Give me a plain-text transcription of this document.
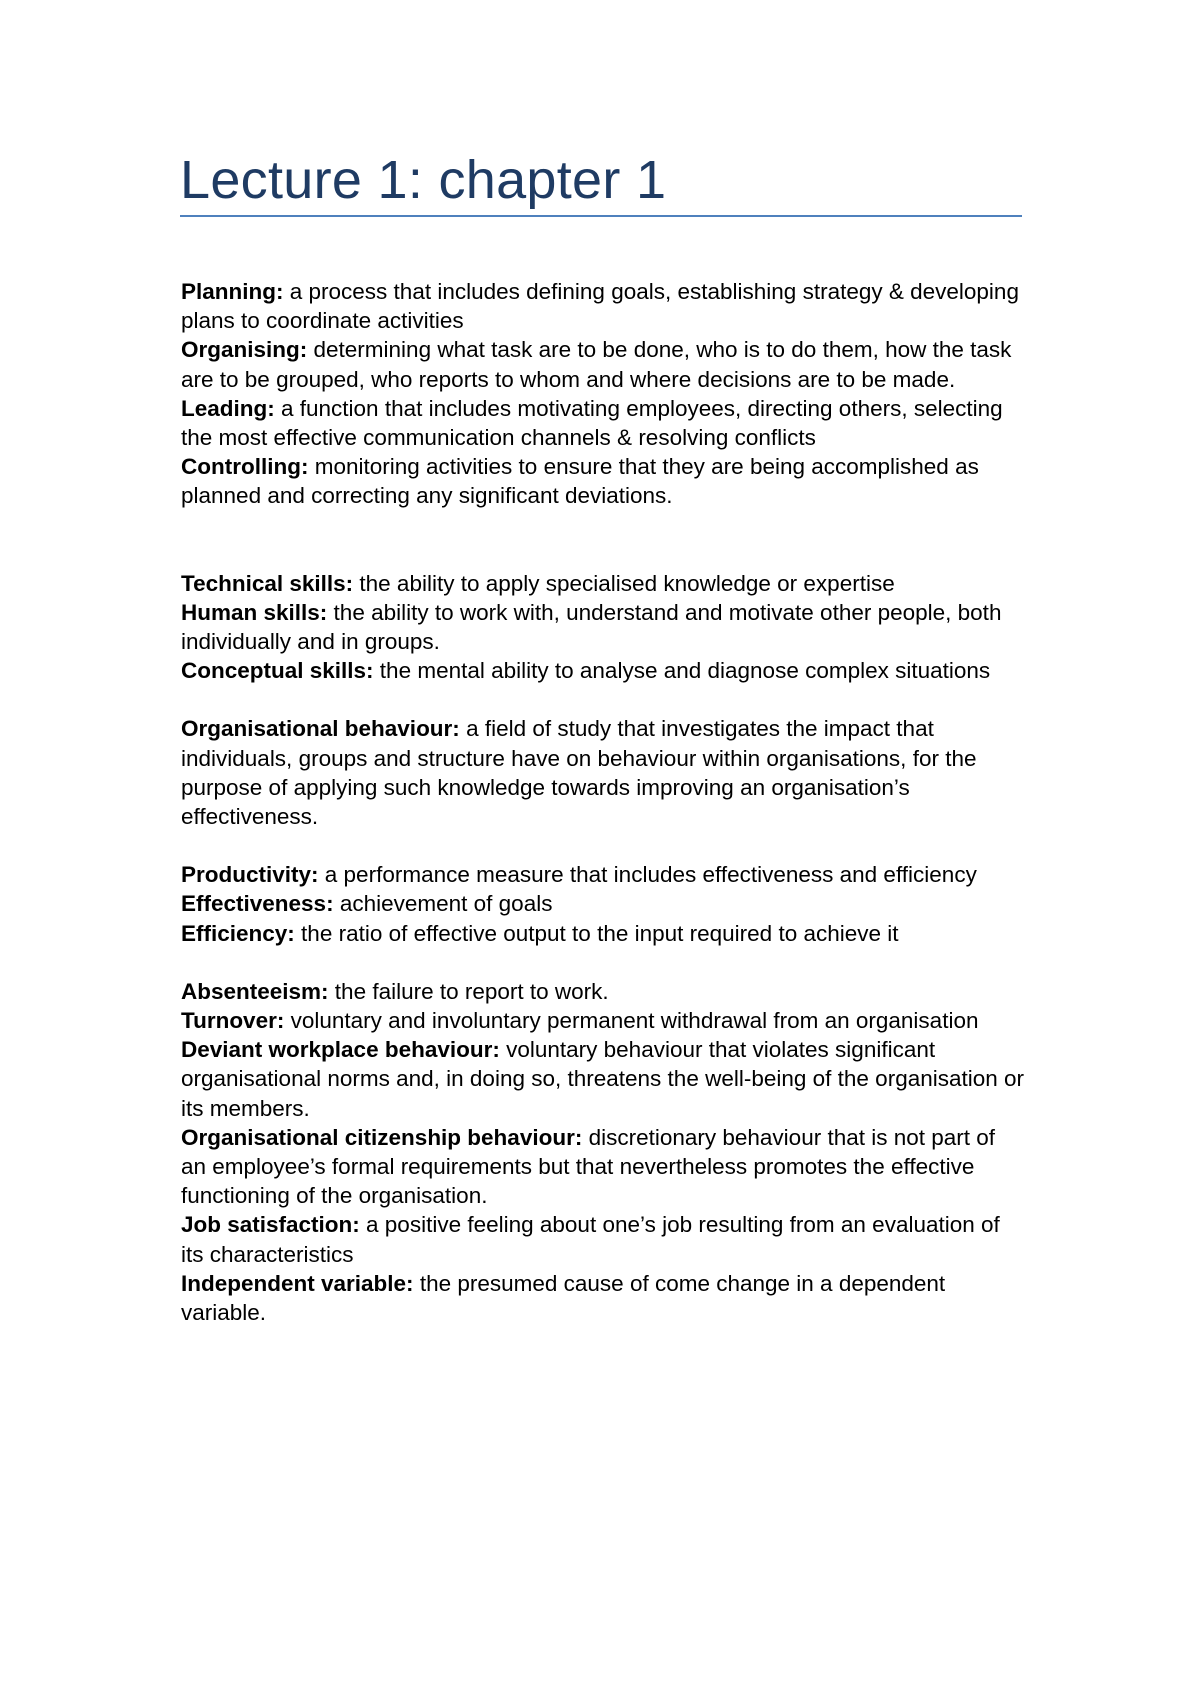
Lecture 1: chapter 1

Planning: a process that includes defining goals, establishing strategy & developing plans to coordinate activities

Organising: determining what task are to be done, who is to do them, how the task are to be grouped, who reports to whom and where decisions are to be made.

Leading: a function that includes motivating employees, directing others, selecting the most effective communication channels & resolving conflicts

Controlling: monitoring activities to ensure that they are being accomplished as planned and correcting any significant deviations.

Technical skills: the ability to apply specialised knowledge or expertise

Human skills: the ability to work with, understand and motivate other people, both individually and in groups.

Conceptual skills: the mental ability to analyse and diagnose complex situations

Organisational behaviour: a field of study that investigates the impact that individuals, groups and structure have on behaviour within organisations, for the purpose of applying such knowledge towards improving an organisation’s effectiveness.

Productivity: a performance measure that includes effectiveness and efficiency

Effectiveness: achievement of goals

Efficiency: the ratio of effective output to the input required to achieve it

Absenteeism: the failure to report to work.

Turnover: voluntary and involuntary permanent withdrawal from an organisation

Deviant workplace behaviour: voluntary behaviour that violates significant organisational norms and, in doing so, threatens the well-being of the organisation or its members.

Organisational citizenship behaviour: discretionary behaviour that is not part of an employee’s formal requirements but that nevertheless promotes the effective functioning of the organisation.

Job satisfaction: a positive feeling about one’s job resulting from an evaluation of its characteristics

Independent variable: the presumed cause of come change in a dependent variable.
